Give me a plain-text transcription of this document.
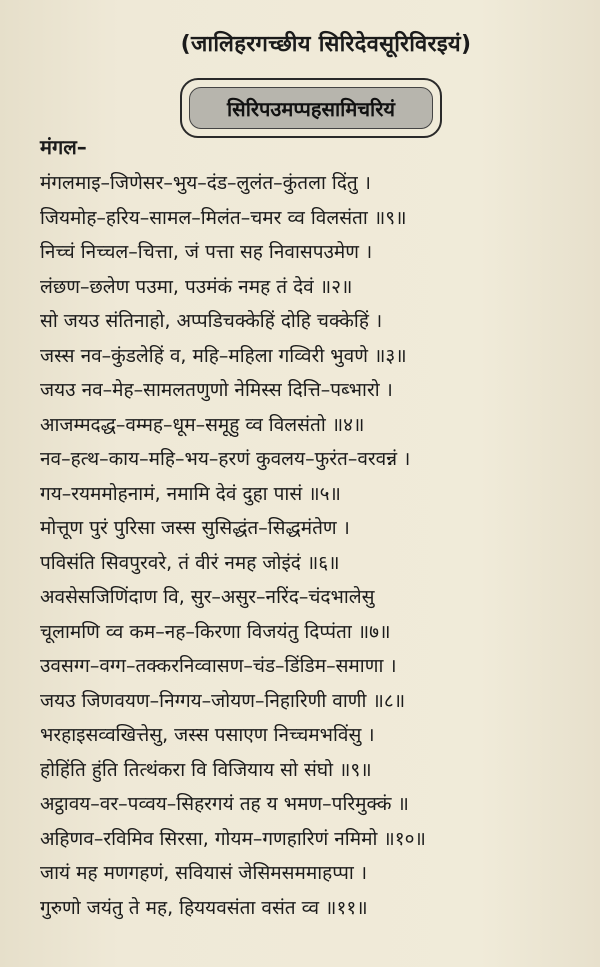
(जालिहरगच्छीय सिरिदेवसूरिविरइयं)
सिरिपउमप्पहसामिचरियं
मंगल–
मंगलमाइ–जिणेसर–भुय–दंड–लुलंत–कुंतला दिंतु ।
जियमोह–हरिय–सामल–मिलंत–चमर व्व विलसंता ॥९॥
निच्चं निच्चल–चित्ता, जं पत्ता सह निवासपउमेण ।
लंछण–छलेण पउमा, पउमंकं नमह तं देवं ॥२॥
सो जयउ संतिनाहो, अप्पडिचक्केहिं दोहि चक्केहिं ।
जस्स नव–कुंडलेहिं व, महि–महिला गव्विरी भुवणे ॥३॥
जयउ नव–मेह–सामलतणुणो नेमिस्स दित्ति–पब्भारो ।
आजम्मदद्ध–वम्मह–धूम–समूहु व्व विलसंतो ॥४॥
नव–हत्थ–काय–महि–भय–हरणं कुवलय–फुरंत–वरवन्नं ।
गय–रयममोहनामं, नमामि देवं दुहा पासं ॥५॥
मोत्तूण पुरं पुरिसा जस्स सुसिद्धंत–सिद्धमंतेण ।
पविसंति सिवपुरवरे, तं वीरं नमह जोइंदं ॥६॥
अवसेसजिणिंदाण वि, सुर–असुर–नरिंद–चंदभालेसु
चूलामणि व्व कम–नह–किरणा विजयंतु दिप्पंता ॥७॥
उवसग्ग–वग्ग–तक्करनिव्वासण–चंड–डिंडिम–समाणा ।
जयउ जिणवयण–निग्गय–जोयण–निहारिणी वाणी ॥८॥
भरहाइसव्वखित्तेसु, जस्स पसाएण निच्चमभविंसु ।
होहिंति हुंति तित्थंकरा वि विजियाय सो संघो ॥९॥
अट्ठावय–वर–पव्वय–सिहरगयं तह य भमण–परिमुक्कं ॥
अहिणव–रविमिव सिरसा, गोयम–गणहारिणं नमिमो ॥१०॥
जायं मह मणगहणं, सवियासं जेसिमसममाहप्पा ।
गुरुणो जयंतु ते मह, हिययवसंता वसंत व्व ॥११॥
